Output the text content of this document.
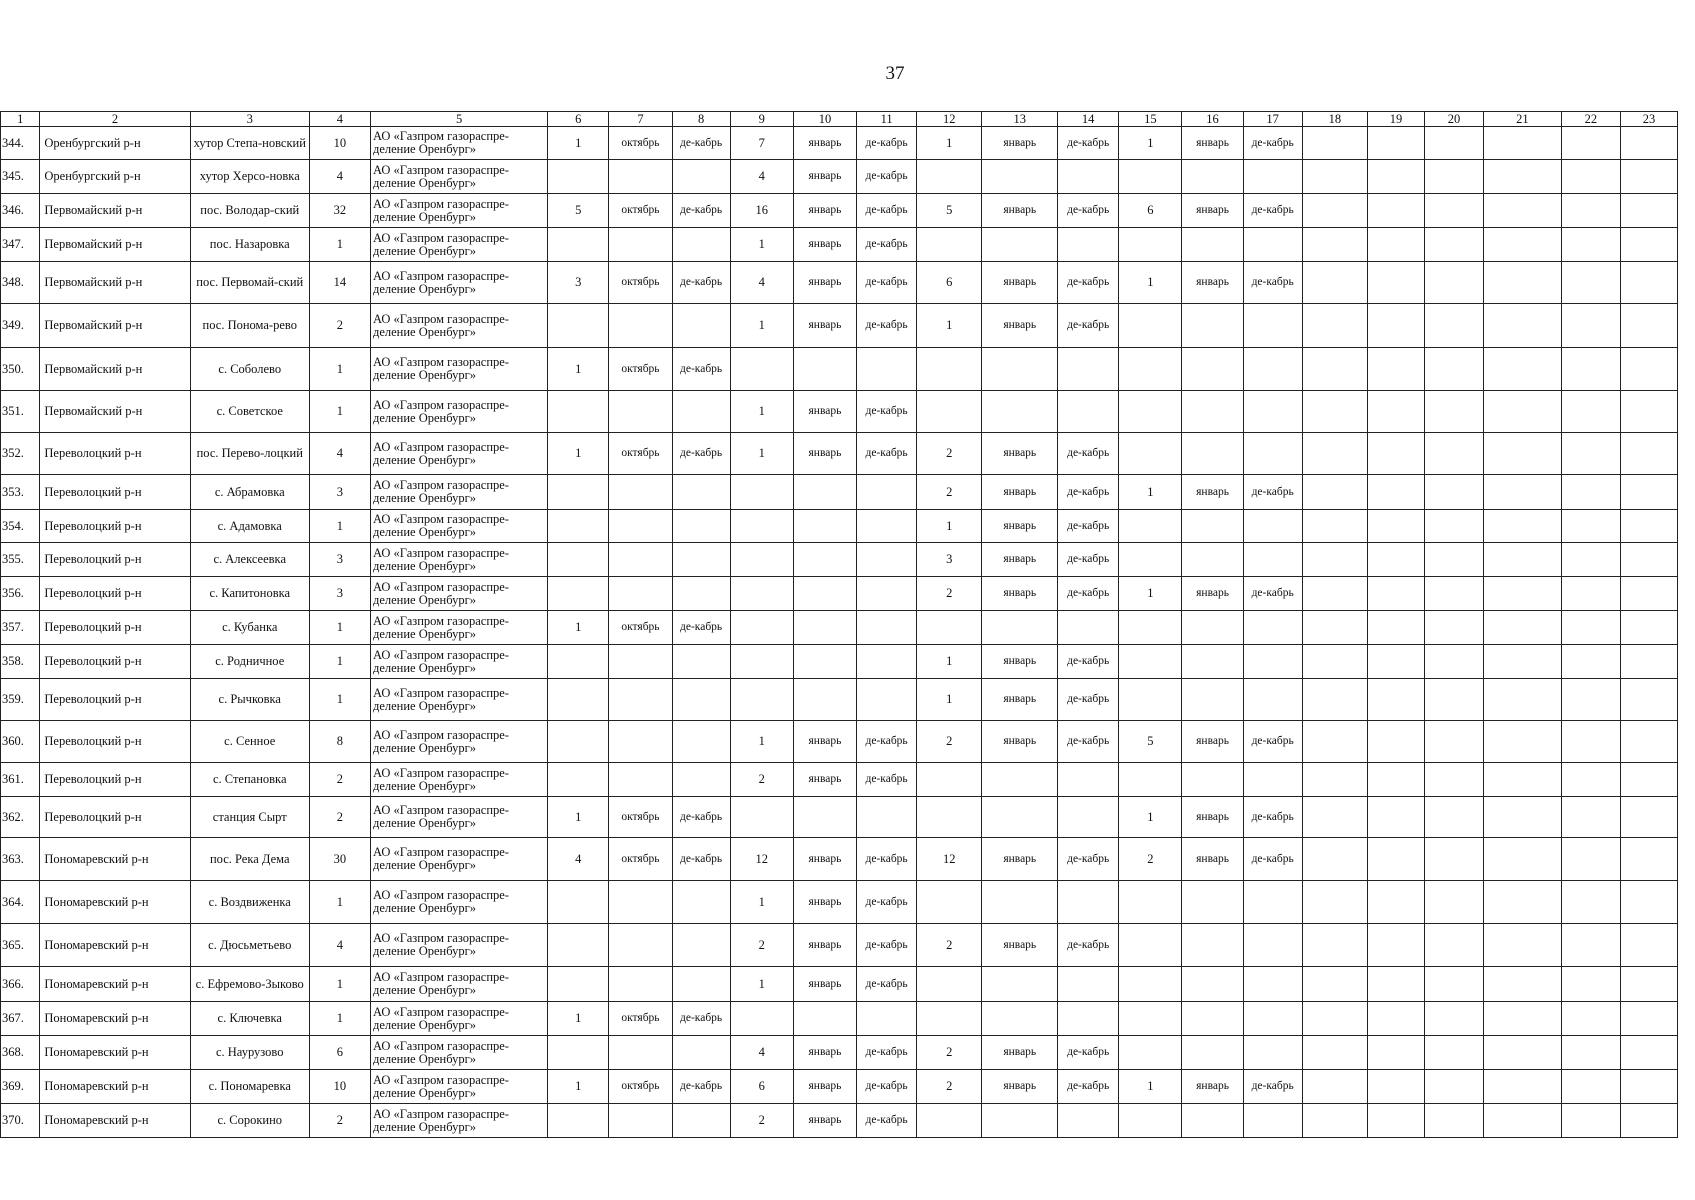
37
1	2	3	4	5	6	7	8	9	10	11	12	13	14	15	16	17	18	19	20	21	22	23
344.	Оренбургский р-н	хутор Степа-новский	10	АО «Газпром газораспре-деление Оренбург»	1	октябрь	де-кабрь	7	январь	де-кабрь	1	январь	де-кабрь	1	январь	де-кабрь						
345.	Оренбургский р-н	хутор Херсо-новка	4	АО «Газпром газораспре-деление Оренбург»				4	январь	де-кабрь												
346.	Первомайский р-н	пос. Володар-ский	32	АО «Газпром газораспре-деление Оренбург»	5	октябрь	де-кабрь	16	январь	де-кабрь	5	январь	де-кабрь	6	январь	де-кабрь						
347.	Первомайский р-н	пос. Назаровка	1	АО «Газпром газораспре-деление Оренбург»				1	январь	де-кабрь												
348.	Первомайский р-н	пос. Первомай-ский	14	АО «Газпром газораспре-деление Оренбург»	3	октябрь	де-кабрь	4	январь	де-кабрь	6	январь	де-кабрь	1	январь	де-кабрь						
349.	Первомайский р-н	пос. Понома-рево	2	АО «Газпром газораспре-деление Оренбург»				1	январь	де-кабрь	1	январь	де-кабрь									
350.	Первомайский р-н	с. Соболево	1	АО «Газпром газораспре-деление Оренбург»	1	октябрь	де-кабрь															
351.	Первомайский р-н	с. Советское	1	АО «Газпром газораспре-деление Оренбург»				1	январь	де-кабрь												
352.	Переволоцкий р-н	пос. Перево-лоцкий	4	АО «Газпром газораспре-деление Оренбург»	1	октябрь	де-кабрь	1	январь	де-кабрь	2	январь	де-кабрь									
353.	Переволоцкий р-н	с. Абрамовка	3	АО «Газпром газораспре-деление Оренбург»							2	январь	де-кабрь	1	январь	де-кабрь						
354.	Переволоцкий р-н	с. Адамовка	1	АО «Газпром газораспре-деление Оренбург»							1	январь	де-кабрь									
355.	Переволоцкий р-н	с. Алексеевка	3	АО «Газпром газораспре-деление Оренбург»							3	январь	де-кабрь									
356.	Переволоцкий р-н	с. Капитоновка	3	АО «Газпром газораспре-деление Оренбург»							2	январь	де-кабрь	1	январь	де-кабрь						
357.	Переволоцкий р-н	с. Кубанка	1	АО «Газпром газораспре-деление Оренбург»	1	октябрь	де-кабрь															
358.	Переволоцкий р-н	с. Родничное	1	АО «Газпром газораспре-деление Оренбург»							1	январь	де-кабрь									
359.	Переволоцкий р-н	с. Рычковка	1	АО «Газпром газораспре-деление Оренбург»							1	январь	де-кабрь									
360.	Переволоцкий р-н	с. Сенное	8	АО «Газпром газораспре-деление Оренбург»				1	январь	де-кабрь	2	январь	де-кабрь	5	январь	де-кабрь						
361.	Переволоцкий р-н	с. Степановка	2	АО «Газпром газораспре-деление Оренбург»				2	январь	де-кабрь												
362.	Переволоцкий р-н	станция Сырт	2	АО «Газпром газораспре-деление Оренбург»	1	октябрь	де-кабрь							1	январь	де-кабрь						
363.	Пономаревский р-н	пос. Река Дема	30	АО «Газпром газораспре-деление Оренбург»	4	октябрь	де-кабрь	12	январь	де-кабрь	12	январь	де-кабрь	2	январь	де-кабрь						
364.	Пономаревский р-н	с. Воздвиженка	1	АО «Газпром газораспре-деление Оренбург»				1	январь	де-кабрь												
365.	Пономаревский р-н	с. Дюсьметьево	4	АО «Газпром газораспре-деление Оренбург»				2	январь	де-кабрь	2	январь	де-кабрь									
366.	Пономаревский р-н	с. Ефремово-Зыково	1	АО «Газпром газораспре-деление Оренбург»				1	январь	де-кабрь												
367.	Пономаревский р-н	с. Ключевка	1	АО «Газпром газораспре-деление Оренбург»	1	октябрь	де-кабрь															
368.	Пономаревский р-н	с. Наурузово	6	АО «Газпром газораспре-деление Оренбург»				4	январь	де-кабрь	2	январь	де-кабрь									
369.	Пономаревский р-н	с. Пономаревка	10	АО «Газпром газораспре-деление Оренбург»	1	октябрь	де-кабрь	6	январь	де-кабрь	2	январь	де-кабрь	1	январь	де-кабрь						
370.	Пономаревский р-н	с. Сорокино	2	АО «Газпром газораспре-деление Оренбург»				2	январь	де-кабрь												
